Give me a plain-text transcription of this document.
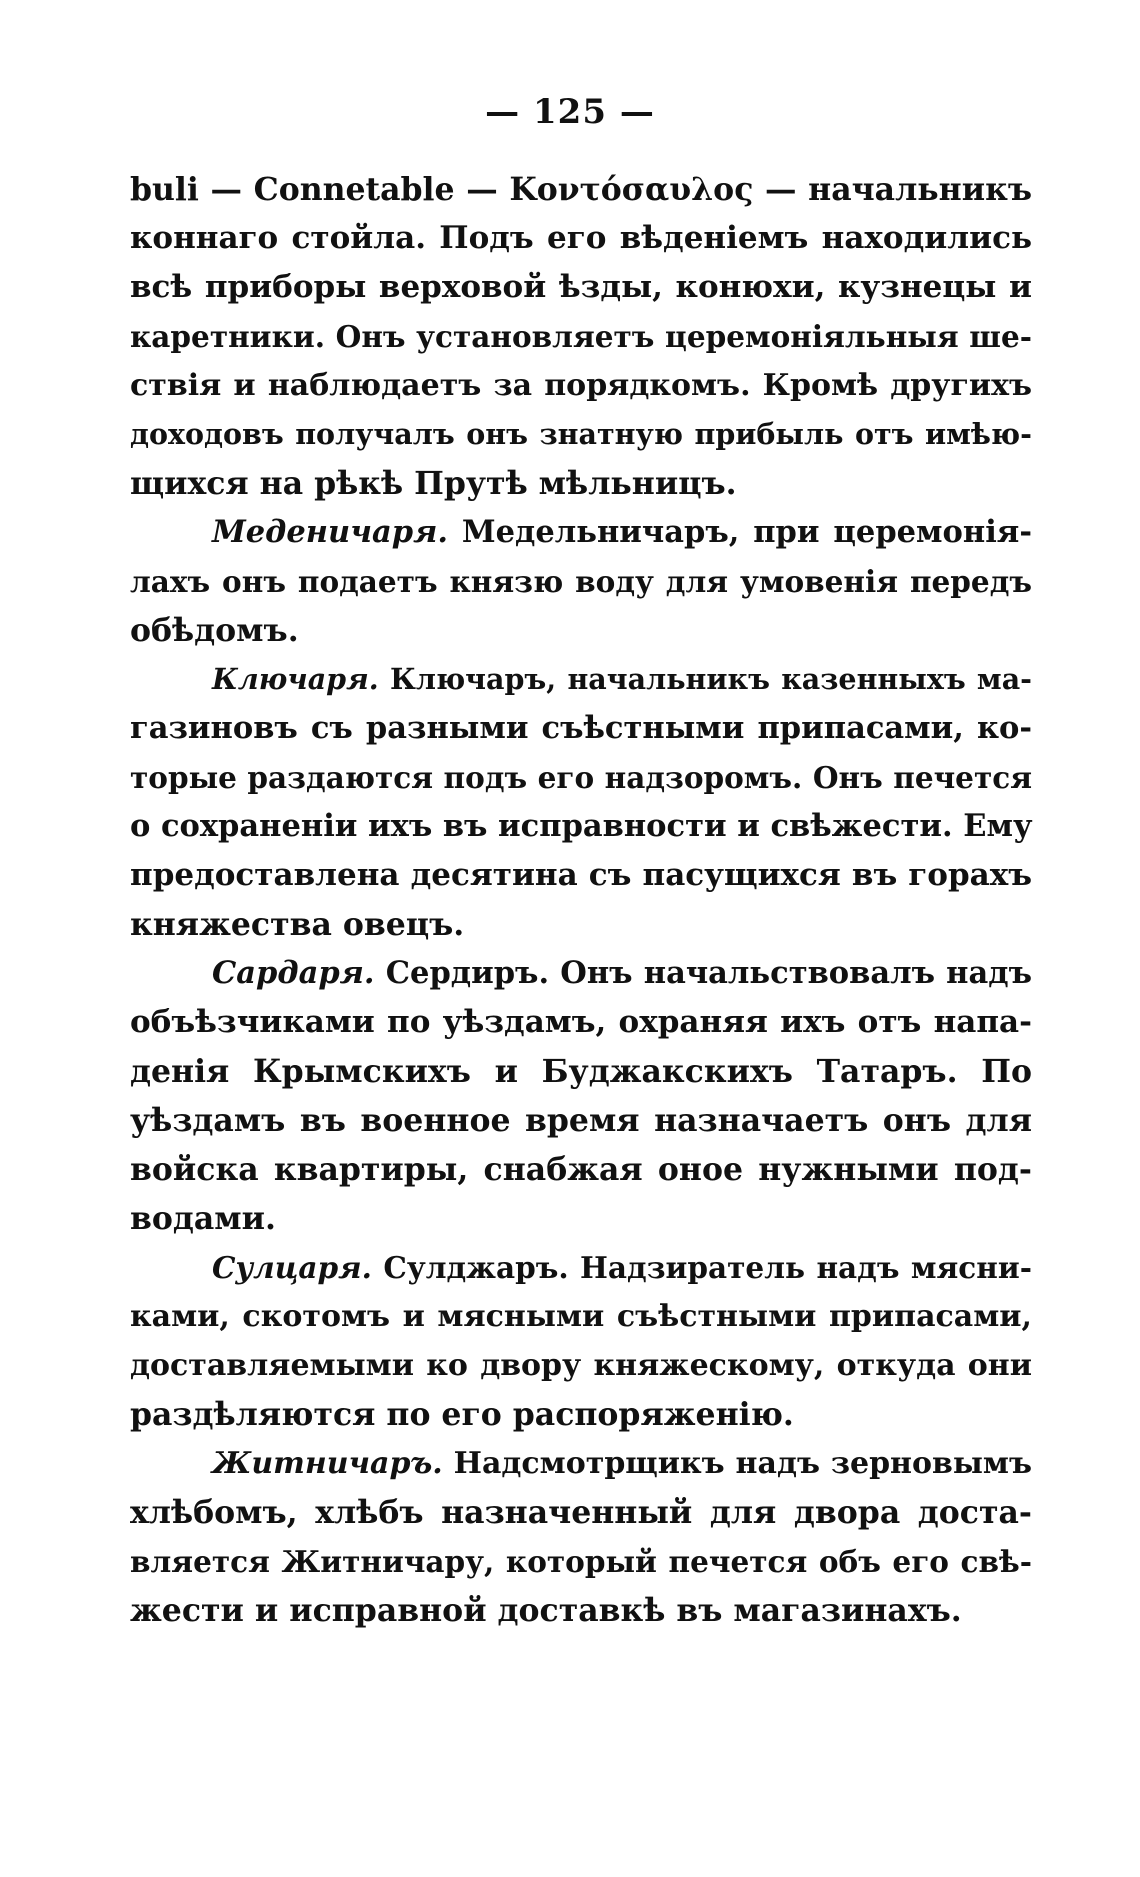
— 125 —
buli — Connetable — Κοντόσαυλος — начальникъ
коннаго стойла. Подъ его вѣденіемъ находились
всѣ приборы верховой ѣзды, конюхи, кузнецы и
каретники. Онъ установляетъ церемоніяльныя ше-
ствія и наблюдаетъ за порядкомъ. Кромѣ другихъ
доходовъ получалъ онъ знатную прибыль отъ имѣю-
щихся на рѣкѣ Прутѣ мѣльницъ.
Меденичаря. Медельничаръ, при церемонія-
лахъ онъ подаетъ князю воду для умовенія передъ
обѣдомъ.
Ключаря. Ключаръ, начальникъ казенныхъ ма-
газиновъ съ разными съѣстными припасами, ко-
торые раздаются подъ его надзоромъ. Онъ печется
о сохраненіи ихъ въ исправности и свѣжести. Ему
предоставлена десятина съ пасущихся въ горахъ
княжества овецъ.
Сардаря. Сердиръ. Онъ начальствовалъ надъ
объѣзчиками по уѣздамъ, охраняя ихъ отъ напа-
денія Крымскихъ и Буджакскихъ Татаръ. По
уѣздамъ въ военное время назначаетъ онъ для
войска квартиры, снабжая оное нужными под-
водами.
Сулцаря. Сулджаръ. Надзиратель надъ мясни-
ками, скотомъ и мясными съѣстными припасами,
доставляемыми ко двору княжескому, откуда они
раздѣляются по его распоряженію.
Житничаръ. Надсмотрщикъ надъ зерновымъ
хлѣбомъ, хлѣбъ назначенный для двора доста-
вляется Житничару, который печется объ его свѣ-
жести и исправной доставкѣ въ магазинахъ.
